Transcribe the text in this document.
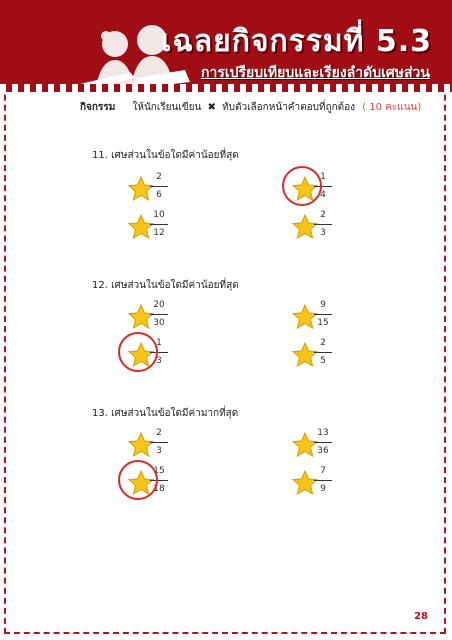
เฉลยกิจกรรมที่ 5.3
การเปรียบเทียบและเรียงลำดับเศษส่วน
กิจกรรม ให้นักเรียนเขียน ✖ ทับตัวเลือกหน้าคำตอบที่ถูกต้อง ( 10 คะแนน)
11. เศษส่วนในข้อใดมีค่าน้อยที่สุด
12. เศษส่วนในข้อใดมีค่าน้อยที่สุด
13. เศษส่วนในข้อใดมีค่ามากที่สุด
2
6
1
4
10
12
2
3
20
30
9
15
1
3
2
5
2
3
13
36
15
18
7
9
28
